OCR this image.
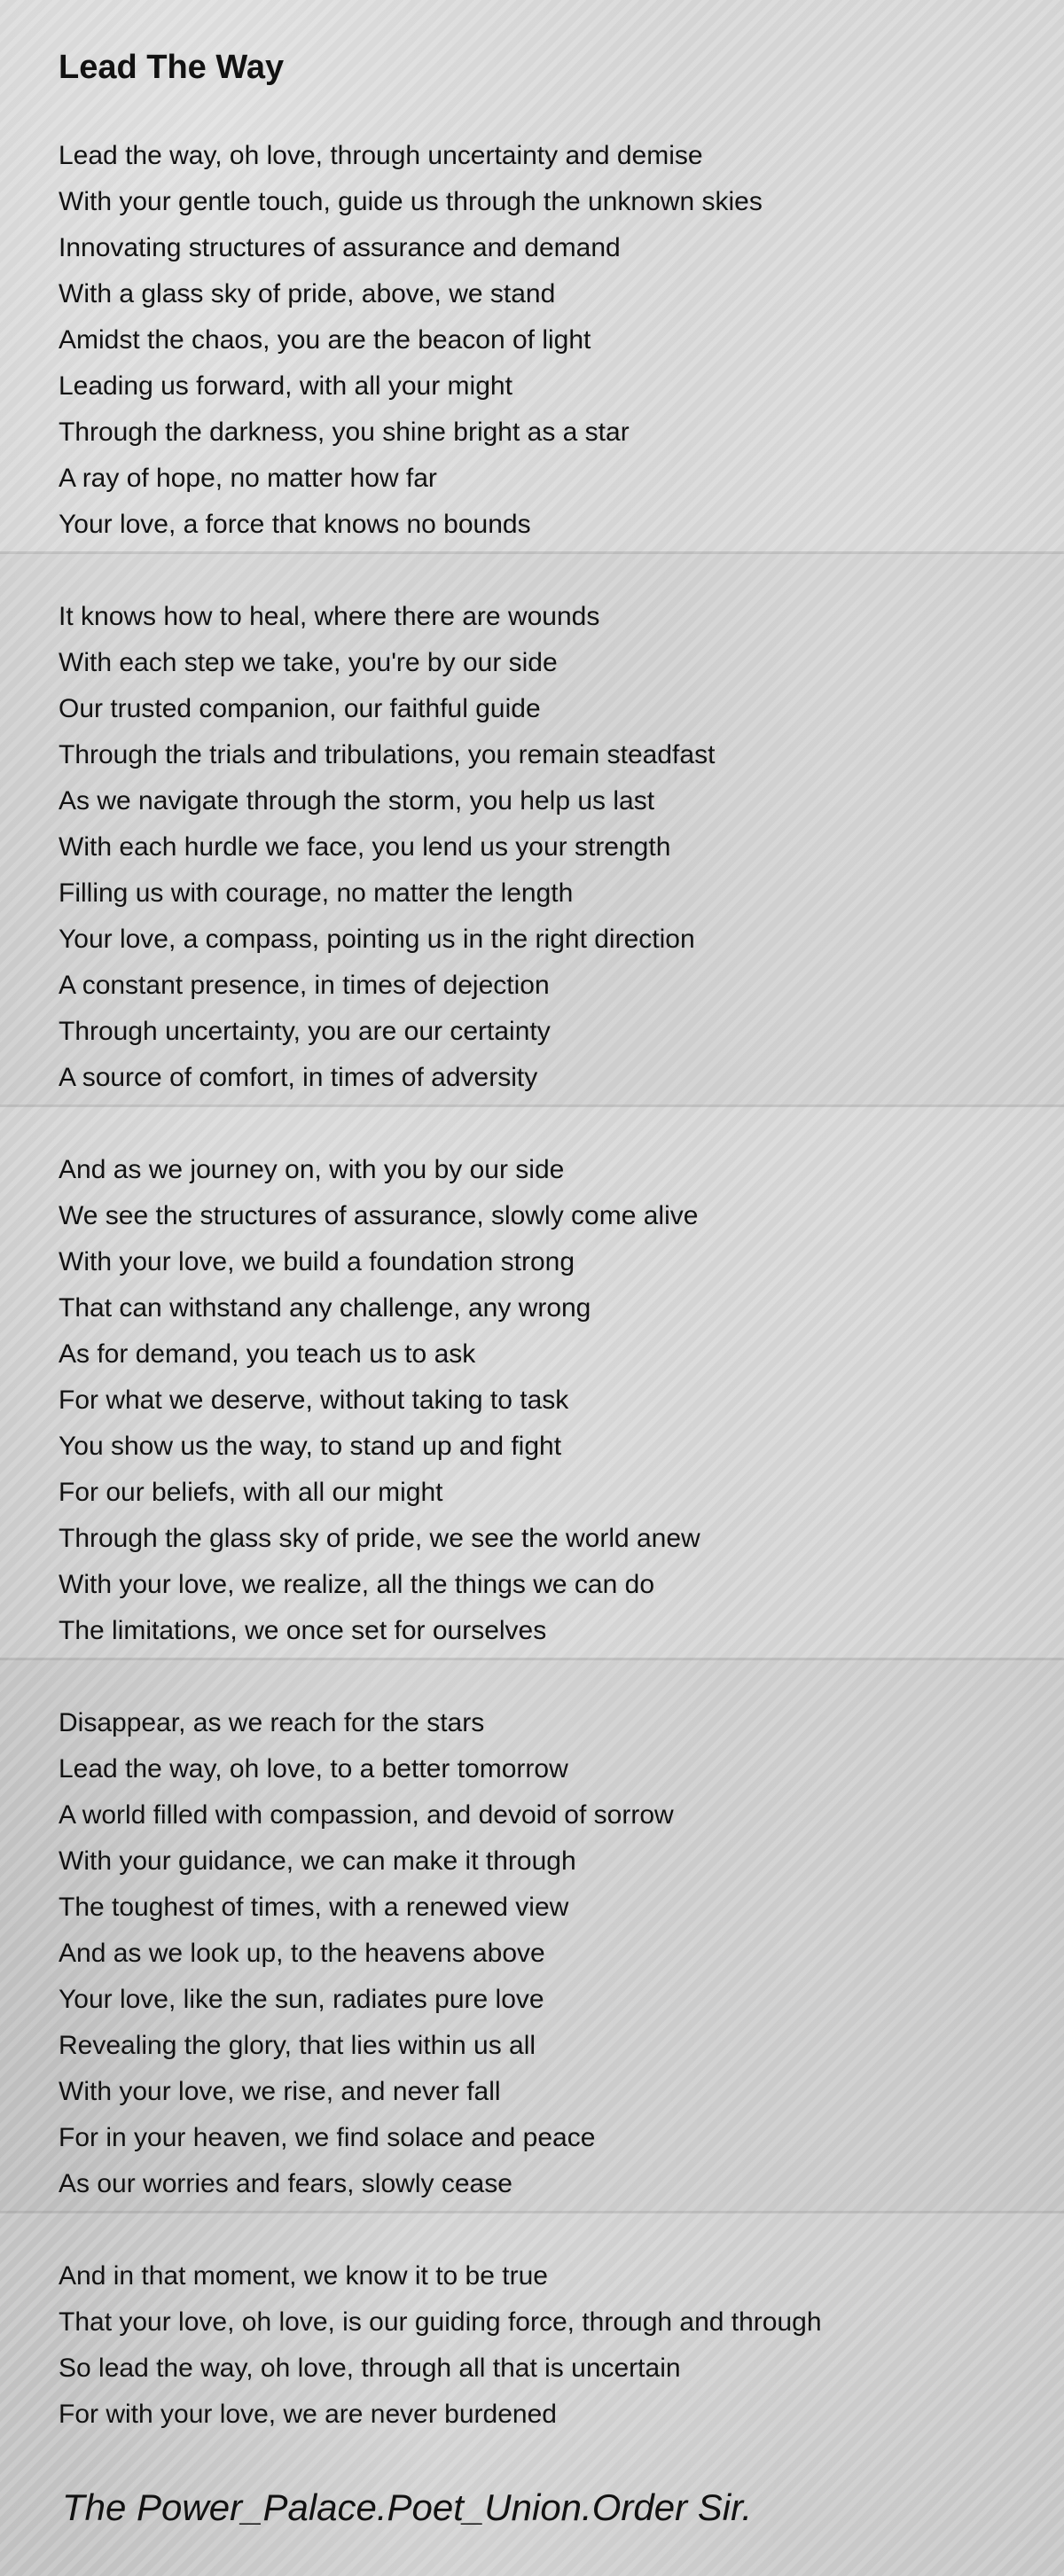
Lead The Way
Lead the way, oh love, through uncertainty and demise
With your gentle touch, guide us through the unknown skies
Innovating structures of assurance and demand
With a glass sky of pride, above, we stand
Amidst the chaos, you are the beacon of light
Leading us forward, with all your might
Through the darkness, you shine bright as a star
A ray of hope, no matter how far
Your love, a force that knows no bounds
It knows how to heal, where there are wounds
With each step we take, you're by our side
Our trusted companion, our faithful guide
Through the trials and tribulations, you remain steadfast
As we navigate through the storm, you help us last
With each hurdle we face, you lend us your strength
Filling us with courage, no matter the length
Your love, a compass, pointing us in the right direction
A constant presence, in times of dejection
Through uncertainty, you are our certainty
A source of comfort, in times of adversity
And as we journey on, with you by our side
We see the structures of assurance, slowly come alive
With your love, we build a foundation strong
That can withstand any challenge, any wrong
As for demand, you teach us to ask
For what we deserve, without taking to task
You show us the way, to stand up and fight
For our beliefs, with all our might
Through the glass sky of pride, we see the world anew
With your love, we realize, all the things we can do
The limitations, we once set for ourselves
Disappear, as we reach for the stars
Lead the way, oh love, to a better tomorrow
A world filled with compassion, and devoid of sorrow
With your guidance, we can make it through
The toughest of times, with a renewed view
And as we look up, to the heavens above
Your love, like the sun, radiates pure love
Revealing the glory, that lies within us all
With your love, we rise, and never fall
For in your heaven, we find solace and peace
As our worries and fears, slowly cease
And in that moment, we know it to be true
That your love, oh love, is our guiding force, through and through
So lead the way, oh love, through all that is uncertain
For with your love, we are never burdened
The Power_Palace.Poet_Union.Order Sir.
